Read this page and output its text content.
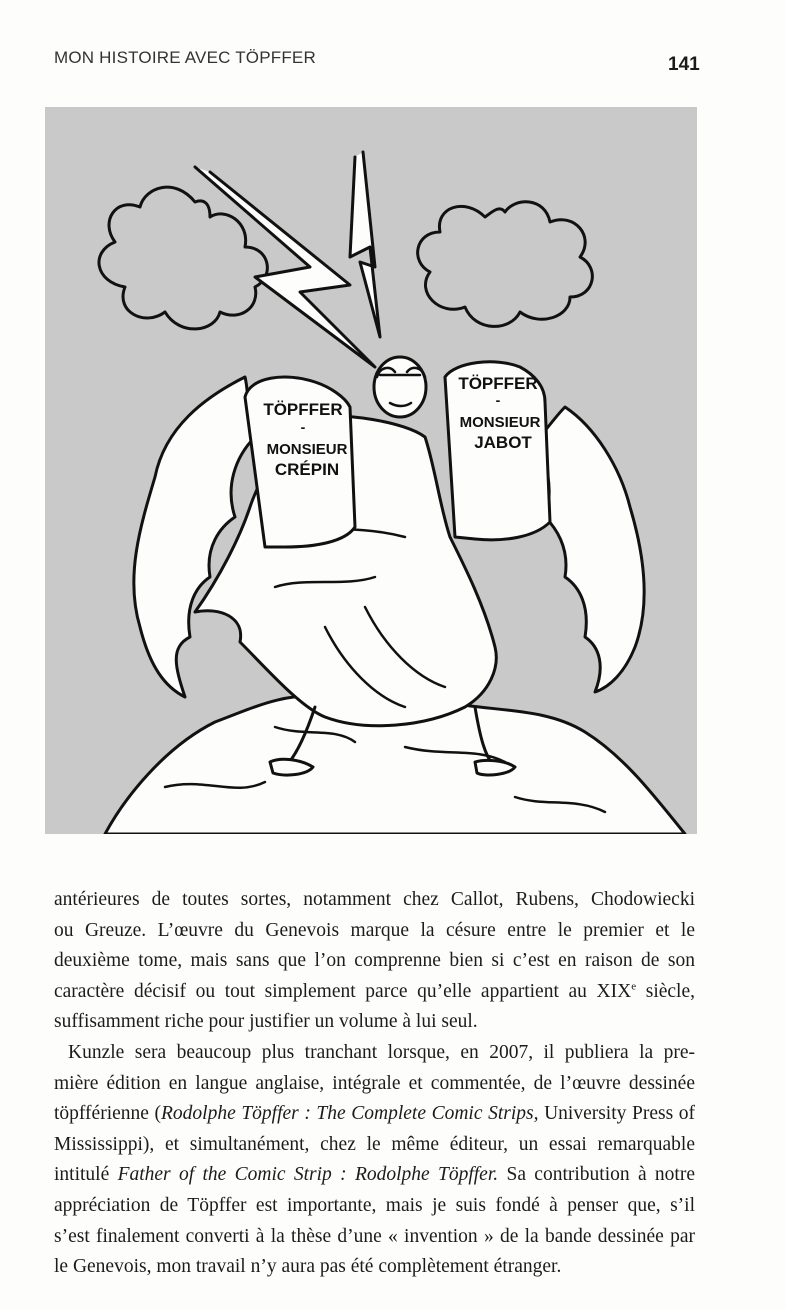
MON HISTOIRE AVEC TÖPFFER	141
TÖPFFER
-
MONSIEUR
CRÉPIN
TÖPFFER
-
MONSIEUR
JABOT

antérieures de toutes sortes, notamment chez Callot, Rubens, Chodowiecki
ou Greuze. L’œuvre du Genevois marque la césure entre le premier et le
deuxième tome, mais sans que l’on comprenne bien si c’est en raison de son
caractère décisif ou tout simplement parce qu’elle appartient au XIXe siècle,
suffisamment riche pour justifier un volume à lui seul.

Kunzle sera beaucoup plus tranchant lorsque, en 2007, il publiera la pre-
mière édition en langue anglaise, intégrale et commentée, de l’œuvre dessinée
töpfférienne (Rodolphe Töpffer : The Complete Comic Strips, University Press of
Mississippi), et simultanément, chez le même éditeur, un essai remarquable
intitulé Father of the Comic Strip : Rodolphe Töpffer. Sa contribution à notre
appréciation de Töpffer est importante, mais je suis fondé à penser que, s’il
s’est finalement converti à la thèse d’une « invention » de la bande dessinée par
le Genevois, mon travail n’y aura pas été complètement étranger.
